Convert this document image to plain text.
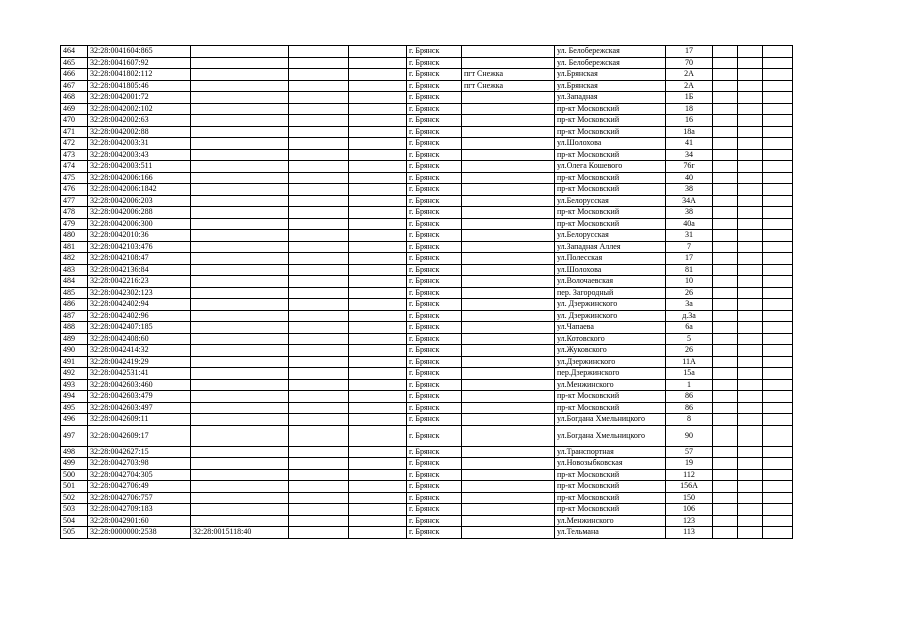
464	32:28:0041604:865				г. Брянск		ул. Белобережская	17			
465	32:28:0041607:92				г. Брянск		ул. Белобережская	70			
466	32:28:0041802:112				г. Брянск	пгт Снежка	ул.Брянская	2А			
467	32:28:0041805:46				г. Брянск	пгт Снежка	ул.Брянская	2А			
468	32:28:0042001:72				г. Брянск		ул.Западная	1Б			
469	32:28:0042002:102				г. Брянск		пр-кт Московский	18			
470	32:28:0042002:63				г. Брянск		пр-кт Московский	16			
471	32:28:0042002:88				г. Брянск		пр-кт Московский	18а			
472	32:28:0042003:31				г. Брянск		ул.Шолохова	41			
473	32:28:0042003:43				г. Брянск		пр-кт Московский	34			
474	32:28:0042003:511				г. Брянск		ул.Олега Кошевого	76г			
475	32:28:0042006:166				г. Брянск		пр-кт Московский	40			
476	32:28:0042006:1842				г. Брянск		пр-кт Московский	38			
477	32:28:0042006:203				г. Брянск		ул.Белорусская	34А			
478	32:28:0042006:288				г. Брянск		пр-кт Московский	38			
479	32:28:0042006:300				г. Брянск		пр-кт Московский	40а			
480	32:28:0042010:36				г. Брянск		ул.Белорусская	31			
481	32:28:0042103:476				г. Брянск		ул.Западная Аллея	7			
482	32:28:0042108:47				г. Брянск		ул.Полесская	17			
483	32:28:0042136:84				г. Брянск		ул.Шолохова	81			
484	32:28:0042216:23				г. Брянск		ул.Волочаевская	10			
485	32:28:0042302:123				г. Брянск		пер. Загородный	26			
486	32:28:0042402:94				г. Брянск		ул. Дзержинского	3а			
487	32:28:0042402:96				г. Брянск		ул. Дзержинского	д.3а			
488	32:28:0042407:185				г. Брянск		ул.Чапаева	6а			
489	32:28:0042408:60				г. Брянск		ул.Котовского	5			
490	32:28:0042414:32				г. Брянск		ул.Жуковского	26			
491	32:28:0042419:29				г. Брянск		ул.Дзержинского	11А			
492	32:28:0042531:41				г. Брянск		пер.Дзержинского	15а			
493	32:28:0042603:460				г. Брянск		ул.Менжинского	1			
494	32:28:0042603:479				г. Брянск		пр-кт Московский	86			
495	32:28:0042603:497				г. Брянск		пр-кт Московский	86			
496	32:28:0042609:11				г. Брянск		ул.Богдана Хмельницкого	8			
497	32:28:0042609:17				г. Брянск		ул.Богдана Хмельницкого	90			
498	32:28:0042627:15				г. Брянск		ул.Транспортная	57			
499	32:28:0042703:98				г. Брянск		ул.Новозыбковская	19			
500	32:28:0042704:305				г. Брянск		пр-кт Московский	112			
501	32:28:0042706:49				г. Брянск		пр-кт Московский	156А			
502	32:28:0042706:757				г. Брянск		пр-кт Московский	150			
503	32:28:0042709:183				г. Брянск		пр-кт Московский	106			
504	32:28:0042901:60				г. Брянск		ул.Менжинского	123			
505	32:28:0000000:2538	32:28:0015118:40			г. Брянск		ул.Тельмана	113			
